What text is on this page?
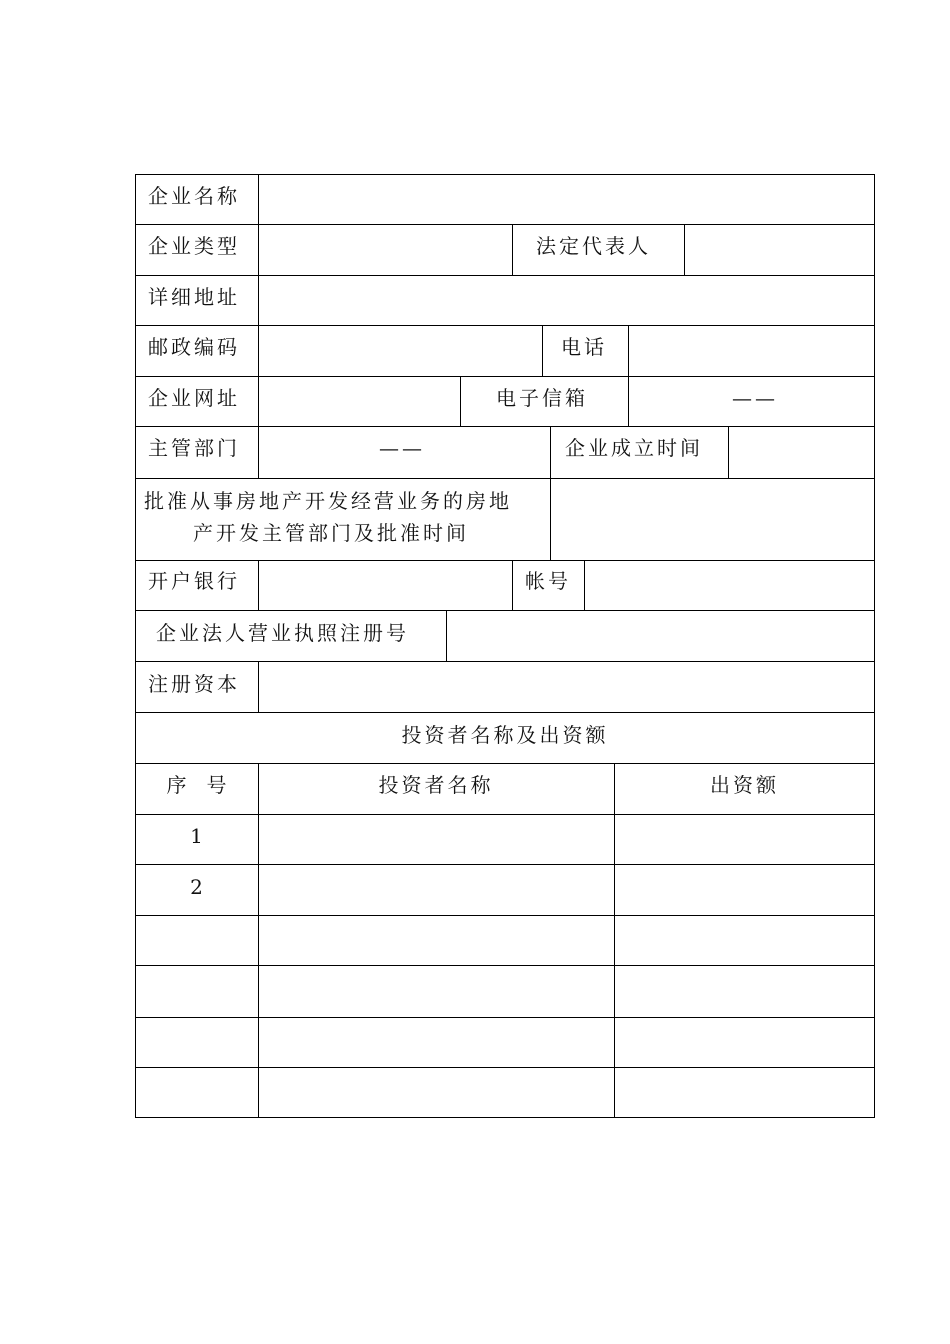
企业名称
企业类型	法定代表人
详细地址
邮政编码	电话
企业网址	电子信箱	——
主管部门	——	企业成立时间
批准从事房地产开发经营业务的房地
产开发主管部门及批准时间
开户银行	帐号
企业法人营业执照注册号
注册资本
投资者名称及出资额
序　号	投资者名称	出资额
1
2
